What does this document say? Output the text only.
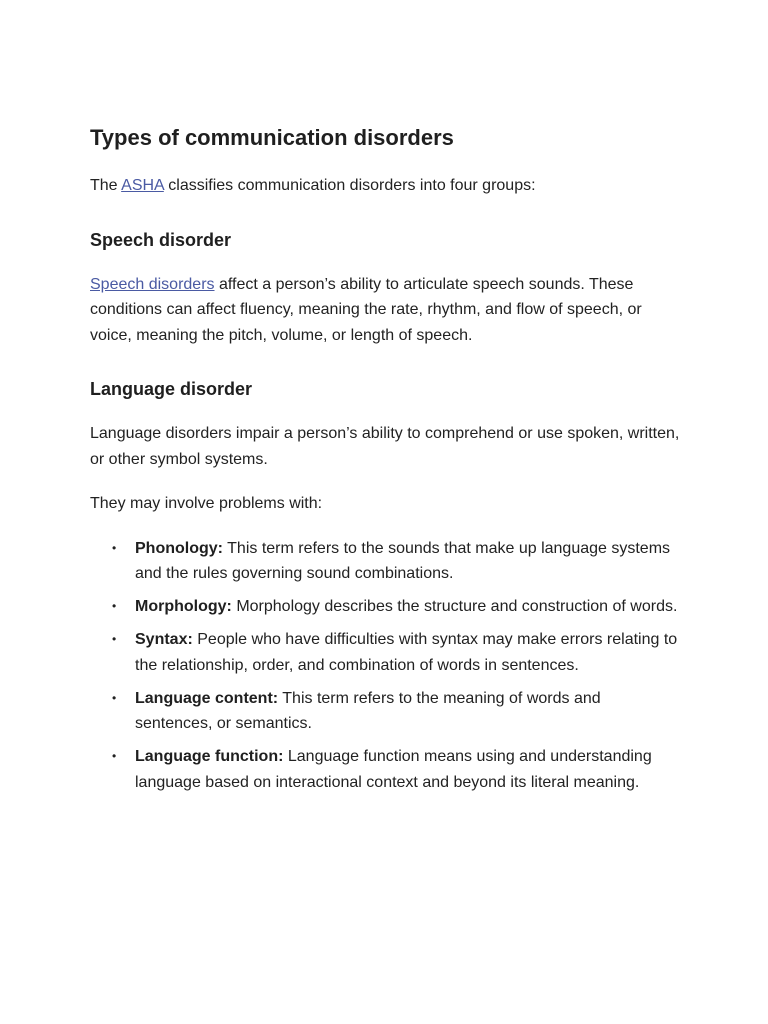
Types of communication disorders

The ASHA classifies communication disorders into four groups:

Speech disorder

Speech disorders affect a person’s ability to articulate speech sounds. These conditions can affect fluency, meaning the rate, rhythm, and flow of speech, or voice, meaning the pitch, volume, or length of speech.

Language disorder

Language disorders impair a person’s ability to comprehend or use spoken, written, or other symbol systems.

They may involve problems with:

• Phonology: This term refers to the sounds that make up language systems and the rules governing sound combinations.
• Morphology: Morphology describes the structure and construction of words.
• Syntax: People who have difficulties with syntax may make errors relating to the relationship, order, and combination of words in sentences.
• Language content: This term refers to the meaning of words and sentences, or semantics.
• Language function: Language function means using and understanding language based on interactional context and beyond its literal meaning.
